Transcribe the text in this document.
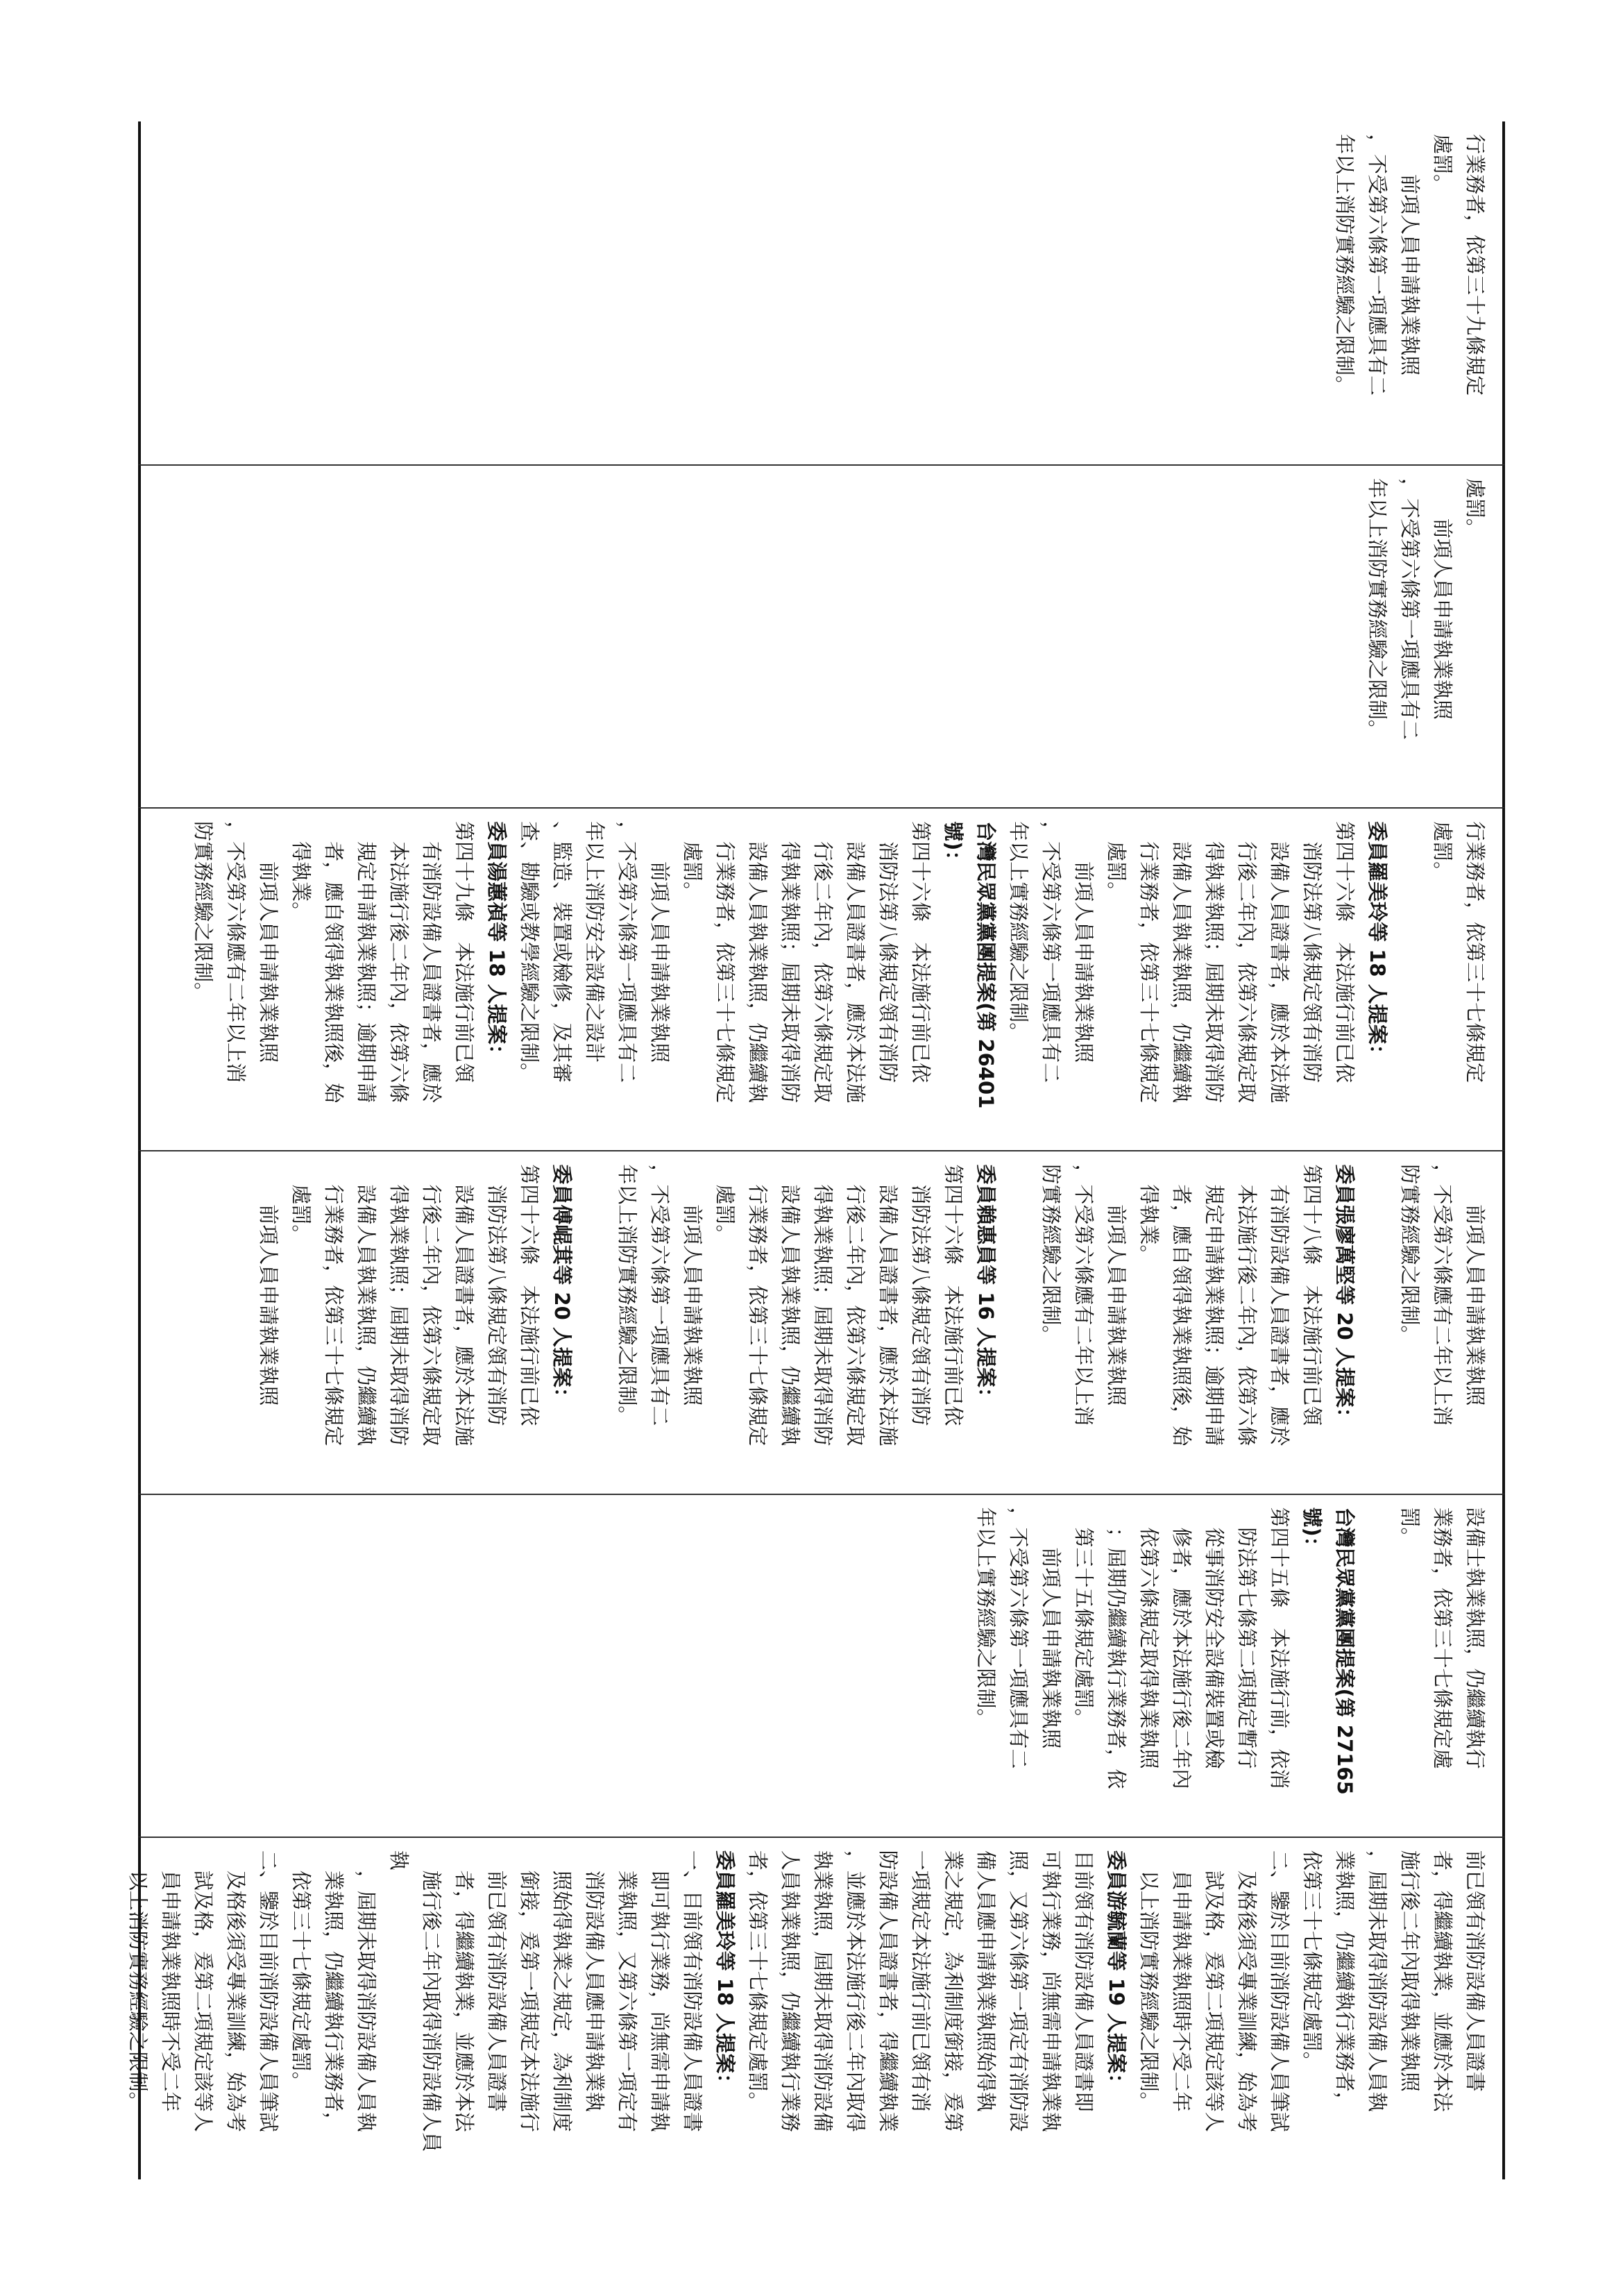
行業務者，依第三十九條規定
處罰。
　　前項人員申請執業執照
，不受第六條第一項應具有二
年以上消防實務經驗之限制。

處罰。
　　前項人員申請執業執照
，不受第六條第一項應具有二
年以上消防實務經驗之限制。

行業務者，依第三十七條規定
處罰。

委員羅美玲等 18 人提案：

第四十六條　本法施行前已依
　消防法第八條規定領有消防
　設備人員證書者，應於本法施
　行後二年內，依第六條規定取
　得執業執照；屆期未取得消防
　設備人員執業執照，仍繼續執
　行業務者，依第三十七條規定
　處罰。
　　前項人員申請執業執照
，不受第六條第一項應具有二
年以上實務經驗之限制。

台灣民眾黨黨團提案(第 26401
號)：

第四十六條　本法施行前已依
　消防法第八條規定領有消防
　設備人員證書者，應於本法施
　行後二年內，依第六條規定取
　得執業執照；屆期未取得消防
　設備人員執業執照，仍繼續執
　行業務者，依第三十七條規定
　處罰。
　　前項人員申請執業執照
，不受第六條第一項應具有二
年以上消防安全設備之設計
、監造、裝置或檢修，及其審
查、勘驗或教學經驗之限制。

委員湯蕙禎等 18 人提案：

第四十九條　本法施行前已領
　有消防設備人員證書者，應於
　本法施行後二年內，依第六條
　規定申請執業執照；逾期申請
　者，應自領得執業執照後，始
　得執業。
　　前項人員申請執業執照
，不受第六條應有二年以上消
防實務經驗之限制。

　　前項人員申請執業執照
，不受第六條應有二年以上消
防實務經驗之限制。

委員張廖萬堅等 20 人提案：

第四十八條　本法施行前已領
　有消防設備人員證書者，應於
　本法施行後二年內，依第六條
　規定申請執業執照；逾期申請
　者，應自領得執業執照後，始
　得執業。
　　前項人員申請執業執照
，不受第六條應有二年以上消
防實務經驗之限制。

委員賴惠員等 16 人提案：

第四十六條　本法施行前已依
　消防法第八條規定領有消防
　設備人員證書者，應於本法施
　行後二年內，依第六條規定取
　得執業執照；屆期未取得消防
　設備人員執業執照，仍繼續執
　行業務者，依第三十七條規定
　處罰。
　　前項人員申請執業執照
，不受第六條第一項應具有二
年以上消防實務經驗之限制。

委員傅崐萁等 20 人提案：

第四十六條　本法施行前已依
　消防法第八條規定領有消防
　設備人員證書者，應於本法施
　行後二年內，依第六條規定取
　得執業執照；屆期未取得消防
　設備人員執業執照，仍繼續執
　行業務者，依第三十七條規定
　處罰。
　　前項人員申請執業執照

設備士執業執照，仍繼續執行
業務者，依第三十七條規定處
罰。

台灣民眾黨黨團提案(第 27165
號)：

第四十五條　本法施行前，依消
　防法第七條第二項規定暫行
　從事消防安全設備裝置或檢
　修者，應於本法施行後二年內
　依第六條規定取得執業執照
　；屆期仍繼續執行業務者，依
　第三十五條規定處罰。
　　前項人員申請執業執照
，不受第六條第一項應具有二
年以上實務經驗之限制。

前已領有消防設備人員證書
者，得繼續執業，並應於本法
施行後二年內取得執業執照
，屆期未取得消防設備人員執
業執照，仍繼續執行業務者，
依第三十七條規定處罰。
二、鑒於目前消防設備人員筆試
　及格後須受專業訓練，始為考
　試及格，爰第二項規定該等人
　員申請執業執照時不受二年
　以上消防實務經驗之限制。

委員游毓蘭等 19 人提案：

目前領有消防設備人員證書即
可執行業務，尚無需申請執業執
照，又第六條第一項定有消防設
備人員應申請執業執照始得執
業之規定，為利制度銜接，爰第
一項規定本法施行前已領有消
防設備人員證書者，得繼續執業
，並應於本法施行後二年內取得
執業執照，屆期未取得消防設備
人員執業執照，仍繼續執行業務
者，依第三十七條規定處罰。

委員羅美玲等 18 人提案：

一、目前領有消防設備人員證書
　即可執行業務，尚無需申請執
　業執照，又第六條第一項定有
　消防設備人員應申請執業執
　照始得執業之規定，為利制度
　銜接，爰第一項規定本法施行
　前已領有消防設備人員證書
　者，得繼續執業，並應於本法
　施行後二年內取得消防設備人員執
　，屆期未取得消防設備人員執
　業執照，仍繼續執行業務者，
　依第三十七條規定處罰。
二、鑒於目前消防設備人員筆試
　及格後須受專業訓練，始為考
　試及格，爰第二項規定該等人
　員申請執業執照時不受二年
　以上消防實務經驗之限制。
